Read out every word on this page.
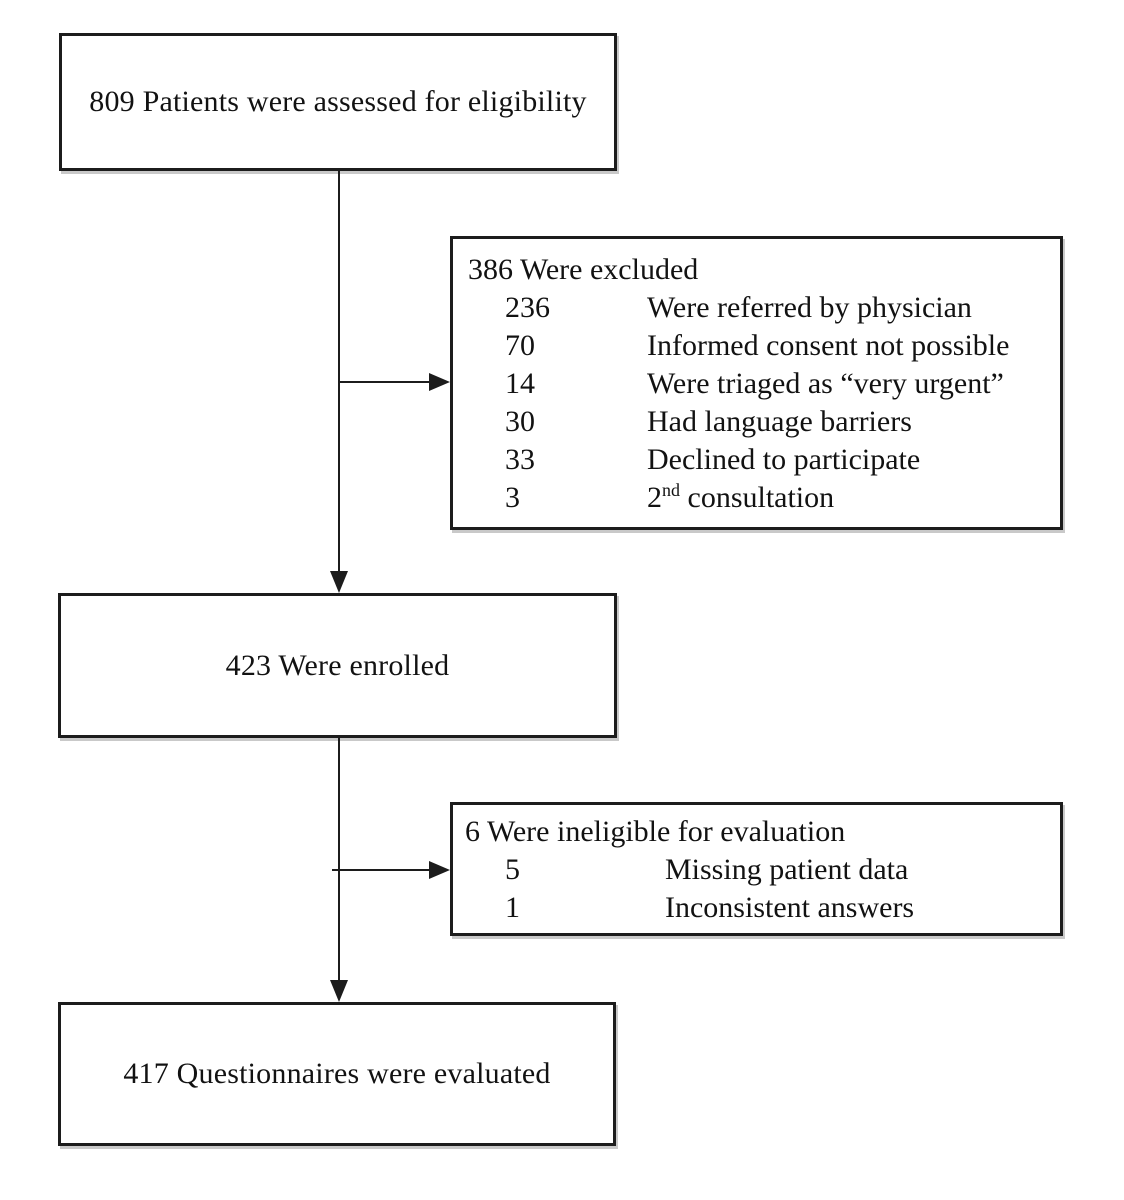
809 Patients were assessed for eligibility
386 Were excluded
236	Were referred by physician
70	Informed consent not possible
14	Were triaged as “very urgent”
30	Had language barriers
33	Declined to participate
3	2nd consultation
423 Were enrolled
6 Were ineligible for evaluation
5	Missing patient data
1	Inconsistent answers
417 Questionnaires were evaluated
